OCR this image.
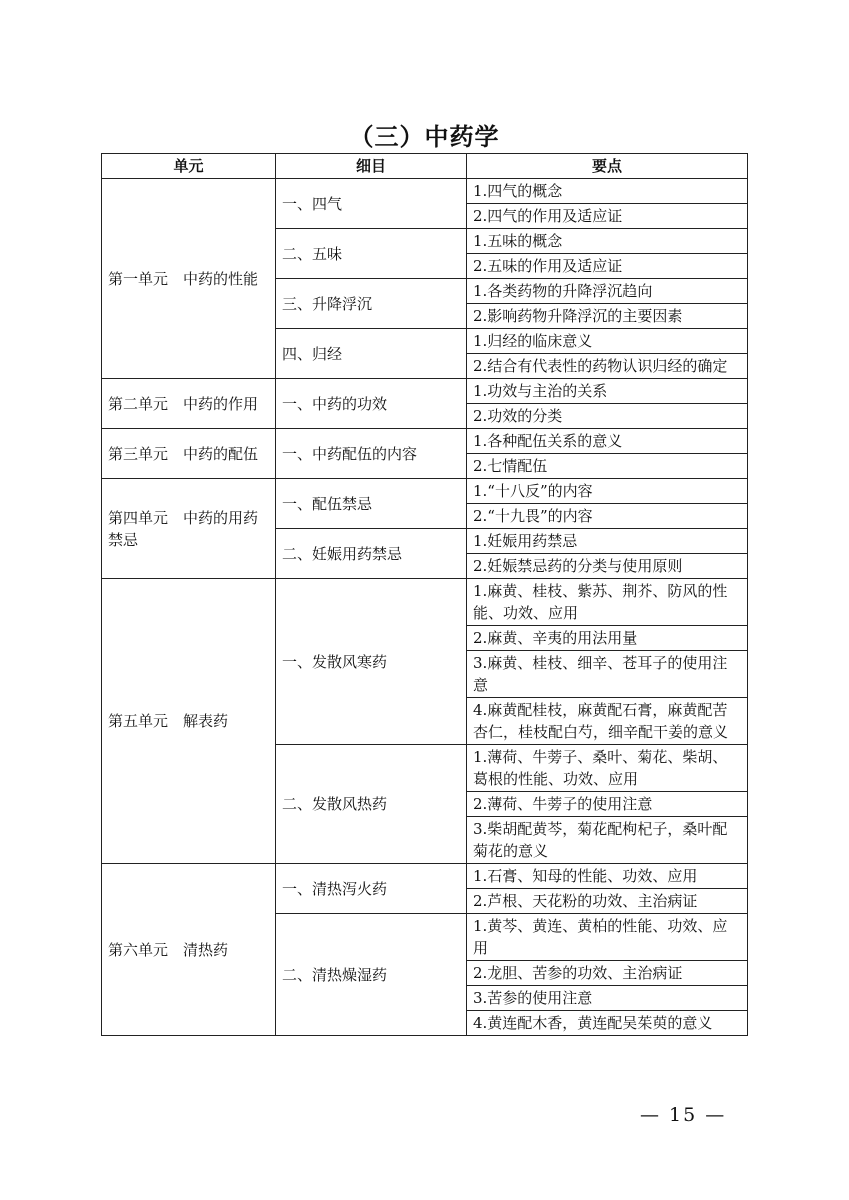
（三）中药学
单元	细目	要点
第一单元　中药的性能	一、四气	1.四气的概念
		2.四气的作用及适应证
	二、五味	1.五味的概念
		2.五味的作用及适应证
	三、升降浮沉	1.各类药物的升降浮沉趋向
		2.影响药物升降浮沉的主要因素
	四、归经	1.归经的临床意义
		2.结合有代表性的药物认识归经的确定
第二单元　中药的作用	一、中药的功效	1.功效与主治的关系
		2.功效的分类
第三单元　中药的配伍	一、中药配伍的内容	1.各种配伍关系的意义
		2.七情配伍
第四单元　中药的用药禁忌	一、配伍禁忌	1.“十八反”的内容
		2.“十九畏”的内容
	二、妊娠用药禁忌	1.妊娠用药禁忌
		2.妊娠禁忌药的分类与使用原则
第五单元　解表药	一、发散风寒药	1.麻黄、桂枝、紫苏、荆芥、防风的性能、功效、应用
		2.麻黄、辛夷的用法用量
		3.麻黄、桂枝、细辛、苍耳子的使用注意
		4.麻黄配桂枝，麻黄配石膏，麻黄配苦杏仁，桂枝配白芍，细辛配干姜的意义
	二、发散风热药	1.薄荷、牛蒡子、桑叶、菊花、柴胡、葛根的性能、功效、应用
		2.薄荷、牛蒡子的使用注意
		3.柴胡配黄芩，菊花配枸杞子，桑叶配菊花的意义
第六单元　清热药	一、清热泻火药	1.石膏、知母的性能、功效、应用
		2.芦根、天花粉的功效、主治病证
	二、清热燥湿药	1.黄芩、黄连、黄柏的性能、功效、应用
		2.龙胆、苦参的功效、主治病证
		3.苦参的使用注意
		4.黄连配木香，黄连配吴茱萸的意义
— 15 —
